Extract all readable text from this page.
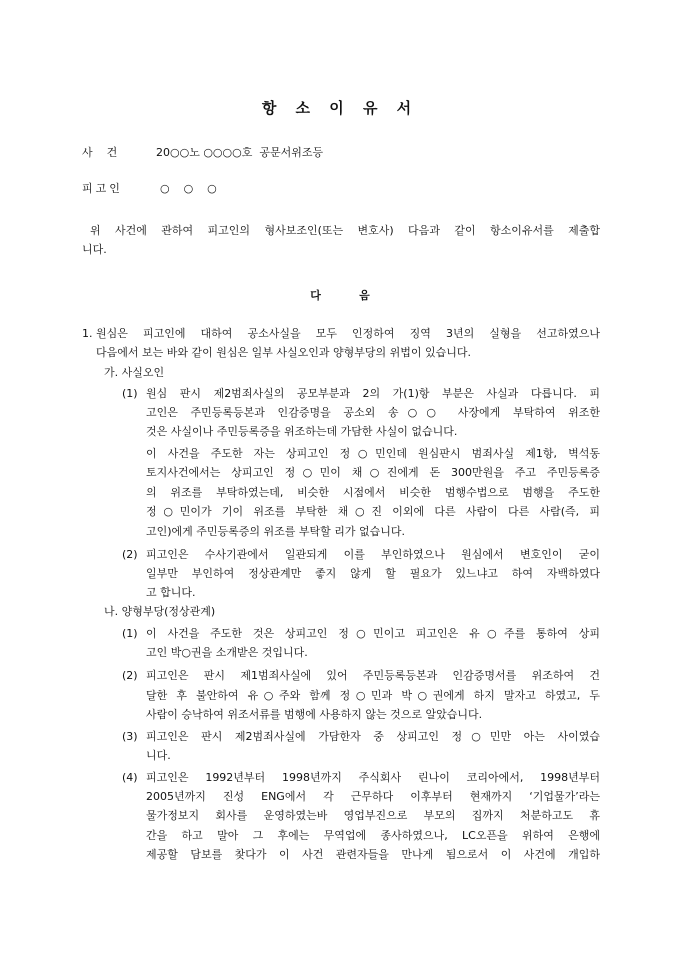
항 소 이 유 서
사    건	20○○노 ○○○○호  공문서위조등
피고인	○    ○    ○
위 사건에 관하여 피고인의 형사보조인(또는 변호사) 다음과 같이 항소이유서를 제출합
니다.
다          음
1. 원심은 피고인에 대하여 공소사실을 모두 인정하여 징역 3년의 실형을 선고하였으나
다음에서 보는 바와 같이 원심은 일부 사실오인과 양형부당의 위법이 있습니다.
가. 사실오인
(1) 원심 판시 제2범죄사실의 공모부분과 2의 가(1)항 부분은 사실과 다릅니다. 피
고인은 주민등록등본과 인감증명을 공소외 송○○ 사장에게 부탁하여 위조한
것은 사실이나 주민등록증을 위조하는데 가담한 사실이 없습니다.
이 사건을 주도한 자는 상피고인 정○민인데 원심판시 범죄사실 제1항, 벽석동
토지사건에서는 상피고인 정○민이 채○진에게 돈 300만원을 주고 주민등록증
의 위조를 부탁하였는데, 비슷한 시점에서 비슷한 범행수법으로 범행을 주도한
정○민이가 기이 위조를 부탁한 채○진 이외에 다른 사람이 다른 사람(즉, 피
고인)에게 주민등록증의 위조를 부탁할 리가 없습니다.
(2) 피고인은 수사기관에서 일관되게 이를 부인하였으나 원심에서 변호인이 굳이
일부만 부인하여 정상관계만 좋지 않게 할 필요가 있느냐고 하여 자백하였다
고 합니다.
나. 양형부당(정상관계)
(1) 이 사건을 주도한 것은 상피고인 정○민이고 피고인은 유○주를 통하여 상피
고인 박○권을 소개받은 것입니다.
(2) 피고인은 판시 제1범죄사실에 있어 주민등록등본과 인감증명서를 위조하여 건
달한 후 불안하여 유○주와 함께 정○민과 박○권에게 하지 말자고 하였고, 두
사람이 승낙하여 위조서류를 범행에 사용하지 않는 것으로 알았습니다.
(3) 피고인은 판시 제2범죄사실에 가담한자 중 상피고인 정○민만 아는 사이였습
니다.
(4) 피고인은 1992년부터 1998년까지 주식회사 린나이 코리아에서, 1998년부터
2005년까지 진성 ENG에서 각 근무하다 이후부터 현재까지 ‘기업물가’라는
물가정보지 회사를 운영하였는바 영업부진으로 부모의 집까지 처분하고도 휴
간을 하고 말아 그 후에는 무역업에 종사하였으나, LC오픈을 위하여 은행에
제공할 담보를 찾다가 이 사건 관련자들을 만나게 됨으로서 이 사건에 개입하
